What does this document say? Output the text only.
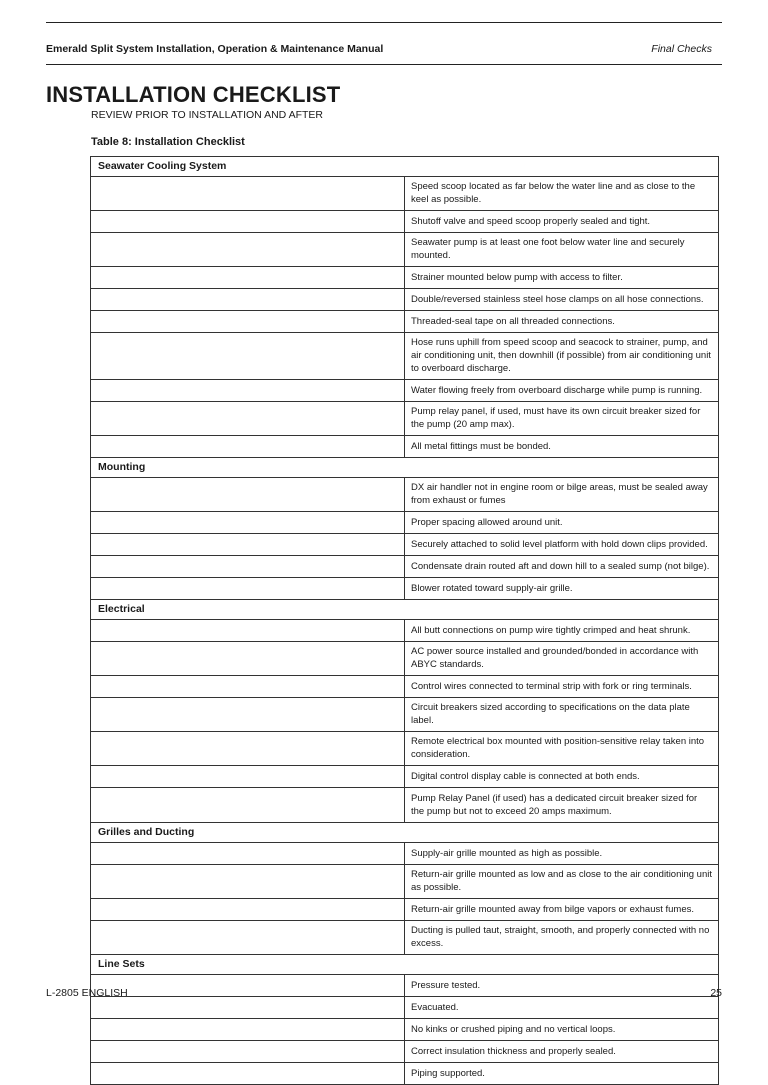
Emerald Split System Installation, Operation & Maintenance Manual	Final Checks
INSTALLATION CHECKLIST
REVIEW PRIOR TO INSTALLATION AND AFTER
Table 8: Installation Checklist
Seawater Cooling System	
	Speed scoop located as far below the water line and as close to the keel as possible.
	Shutoff valve and speed scoop properly sealed and tight.
	Seawater pump is at least one foot below water line and securely mounted.
	Strainer mounted below pump with access to filter.
	Double/reversed stainless steel hose clamps on all hose connections.
	Threaded-seal tape on all threaded connections.
	Hose runs uphill from speed scoop and seacock to strainer, pump, and air conditioning unit, then downhill (if possible) from air conditioning unit to overboard discharge.
	Water flowing freely from overboard discharge while pump is running.
	Pump relay panel, if used, must have its own circuit breaker sized for the pump (20 amp max).
	All metal fittings must be bonded.
Mounting	
	DX air handler not in engine room or bilge areas, must be sealed away from exhaust or fumes
	Proper spacing allowed around unit.
	Securely attached to solid level platform with hold down clips provided.
	Condensate drain routed aft and down hill to a sealed sump (not bilge).
	Blower rotated toward supply-air grille.
Electrical	
	All butt connections on pump wire tightly crimped and heat shrunk.
	AC power source installed and grounded/bonded in accordance with ABYC standards.
	Control wires connected to terminal strip with fork or ring terminals.
	Circuit breakers sized according to specifications on the data plate label.
	Remote electrical box mounted with position-sensitive relay taken into consideration.
	Digital control display cable is connected at both ends.
	Pump Relay Panel (if used) has a dedicated circuit breaker sized for the pump but not to exceed 20 amps maximum.
Grilles and Ducting	
	Supply-air grille mounted as high as possible.
	Return-air grille mounted as low and as close to the air conditioning unit as possible.
	Return-air grille mounted away from bilge vapors or exhaust fumes.
	Ducting is pulled taut, straight, smooth, and properly connected with no excess.
Line Sets	
	Pressure tested.
	Evacuated.
	No kinks or crushed piping and no vertical loops.
	Correct insulation thickness and properly sealed.
	Piping supported.
L-2805 ENGLISH	25
